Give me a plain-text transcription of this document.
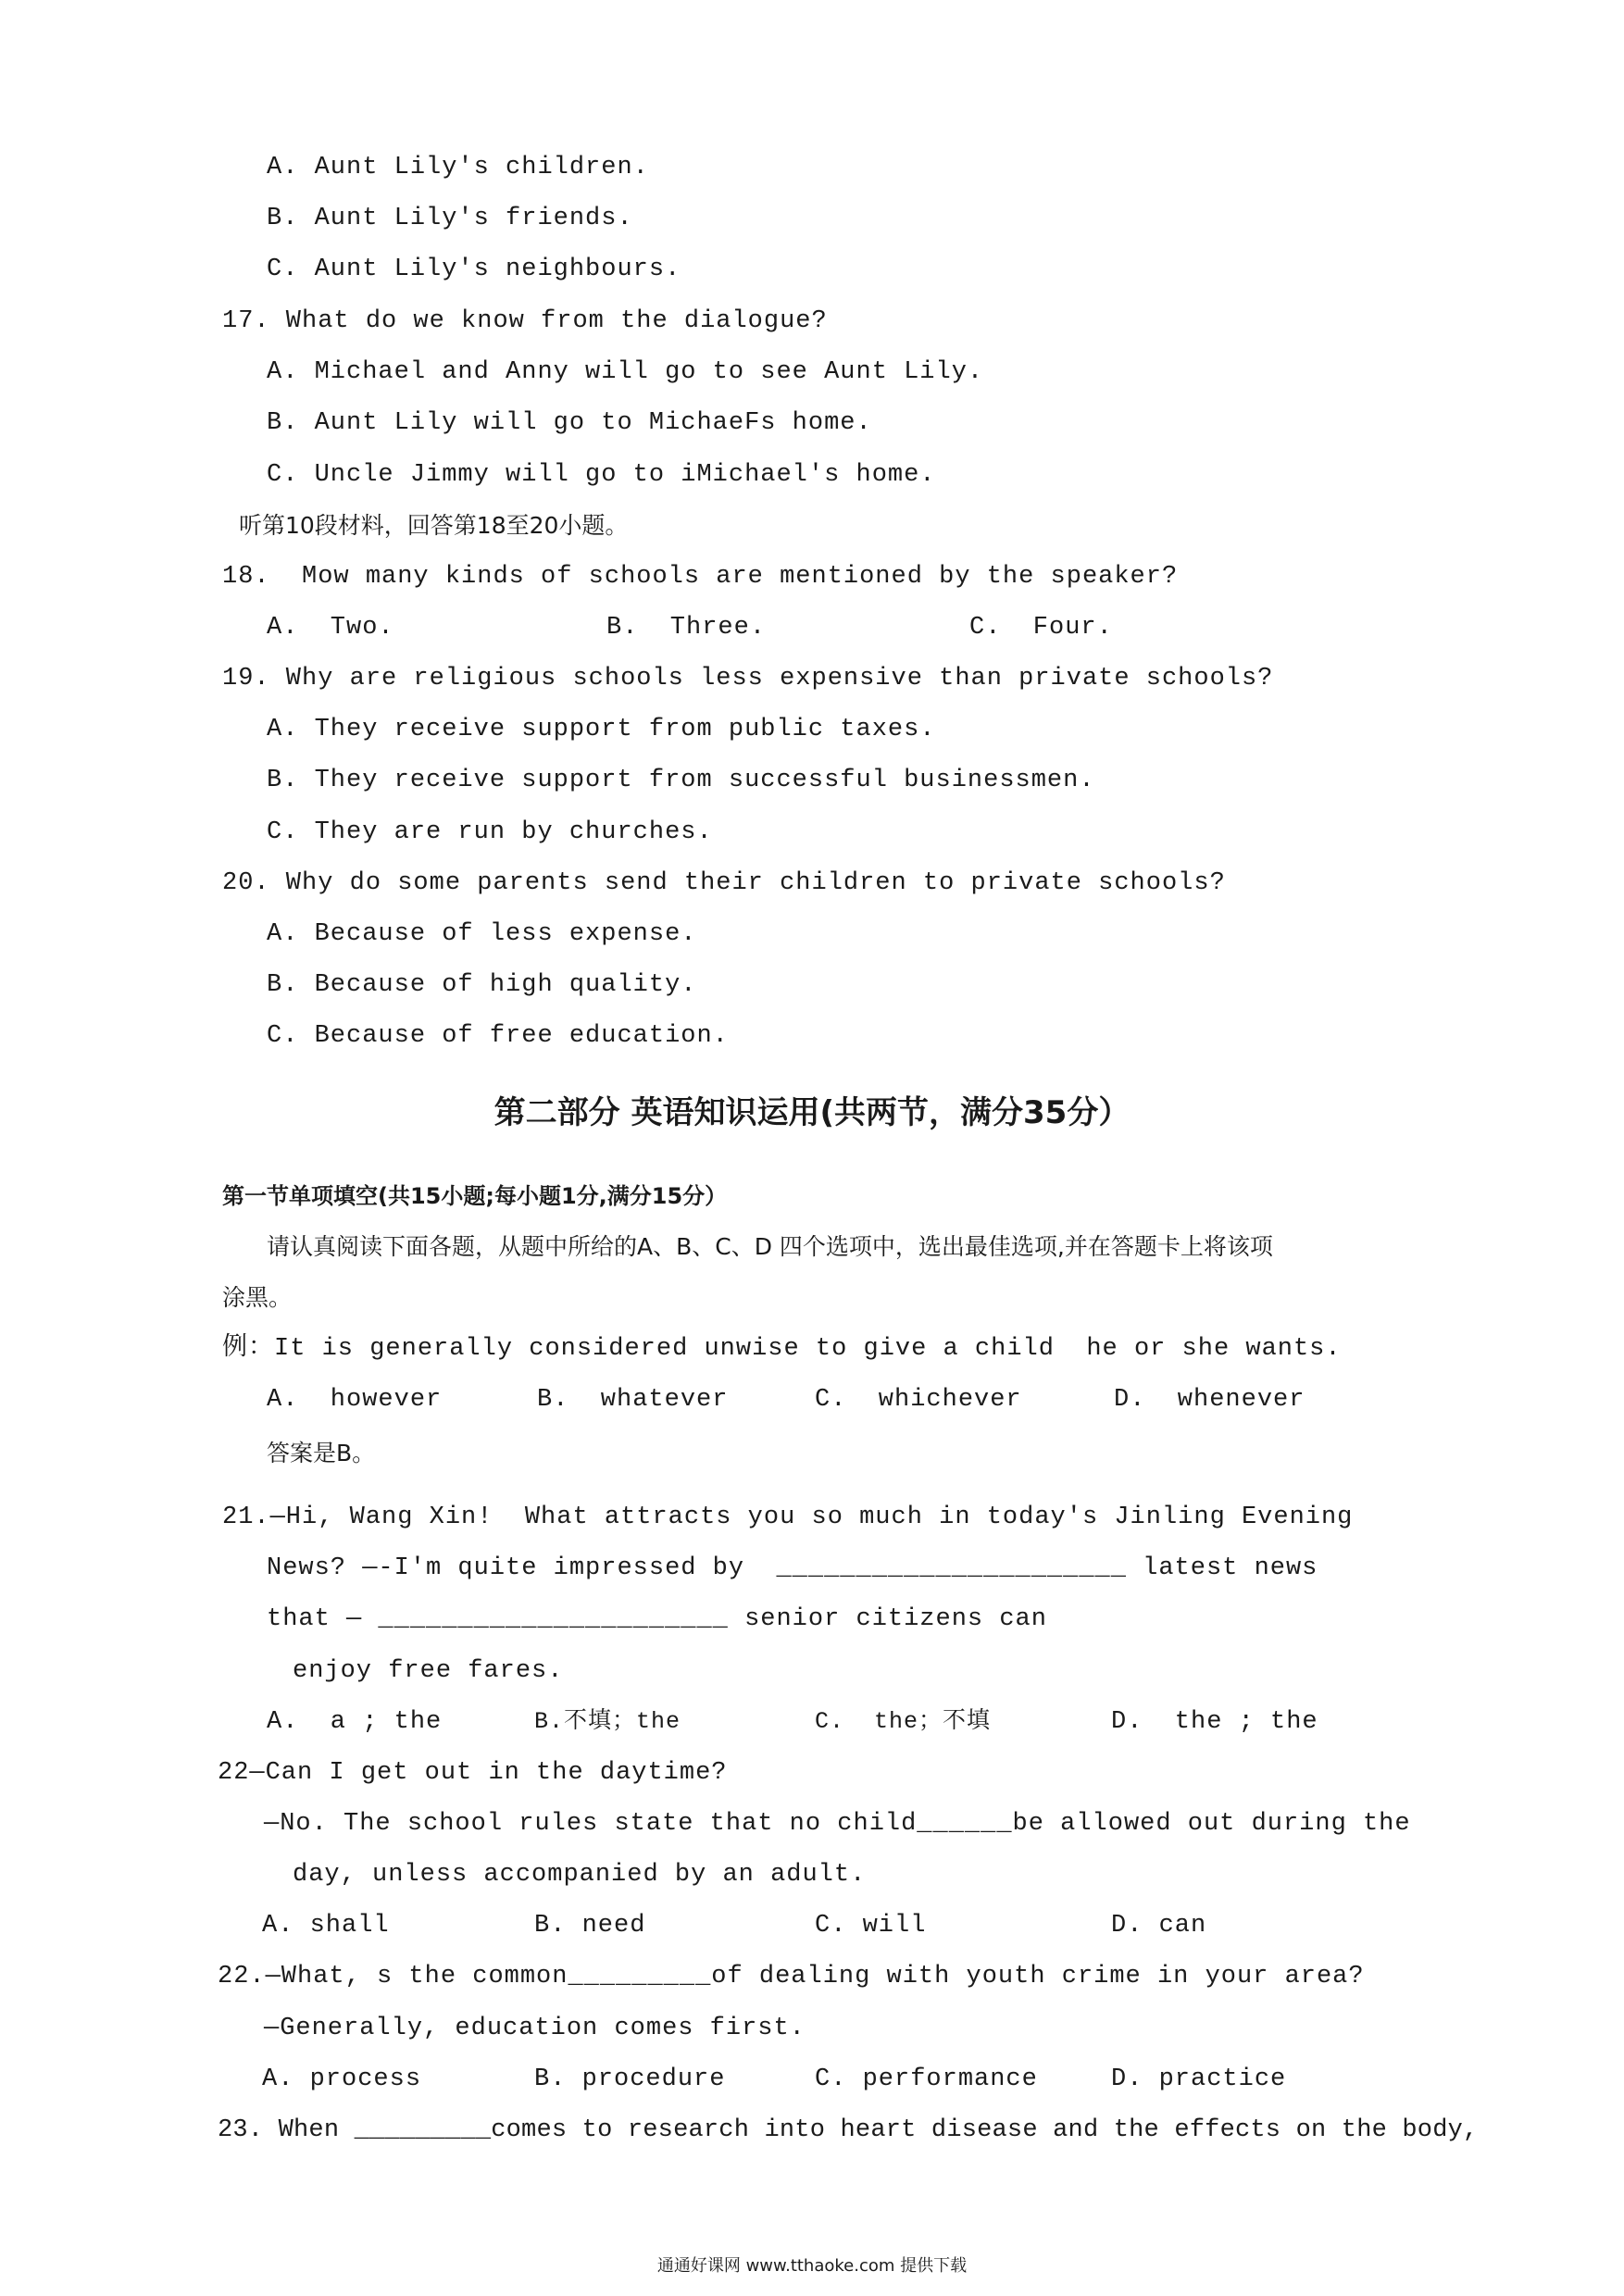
A. Aunt Lily's children.
B. Aunt Lily's friends.
C. Aunt Lily's neighbours.
17. What do we know from the dialogue?
A. Michael and Anny will go to see Aunt Lily.
B. Aunt Lily will go to MichaeFs home.
C. Uncle Jimmy will go to iMichael's home.
听第10段材料，回答第18至20小题。
18.  Mow many kinds of schools are mentioned by the speaker?
A.  Two.	B.  Three.	C.  Four.
19. Why are religious schools less expensive than private schools?
A. They receive support from public taxes.
B. They receive support from successful businessmen.
C. They are run by churches.
20. Why do some parents send their children to private schools?
A. Because of less expense.
B. Because of high quality.
C. Because of free education.
第二部分 英语知识运用(共两节，满分35分）
第一节单项填空(共15小题;每小题1分,满分15分）
请认真阅读下面各题，从题中所给的A、B、C、D 四个选项中，选出最佳选项,并在答题卡上将该项
涂黑。
例：It is generally considered unwise to give a child  he or she wants.
A.  however	B.  whatever	C.  whichever	D.  whenever
答案是B。
21.—Hi, Wang Xin!  What attracts you so much in today's Jinling Evening
News? —-I'm quite impressed by  ______________________ latest news
that — ______________________ senior citizens can
enjoy free fares.
A.  a ; the	B.不填；the	C.  the；不填	D.  the ; the
22—Can I get out in the daytime?
—No. The school rules state that no child______be allowed out during the
day, unless accompanied by an adult.
A. shall	B. need	C. will	D. can
22.—What, s the common_________of dealing with youth crime in your area?
—Generally, education comes first.
A. process	B. procedure	C. performance	D. practice
23. When _________comes to research into heart disease and the effects on the body,
通通好课网 www.tthaoke.com 提供下载
